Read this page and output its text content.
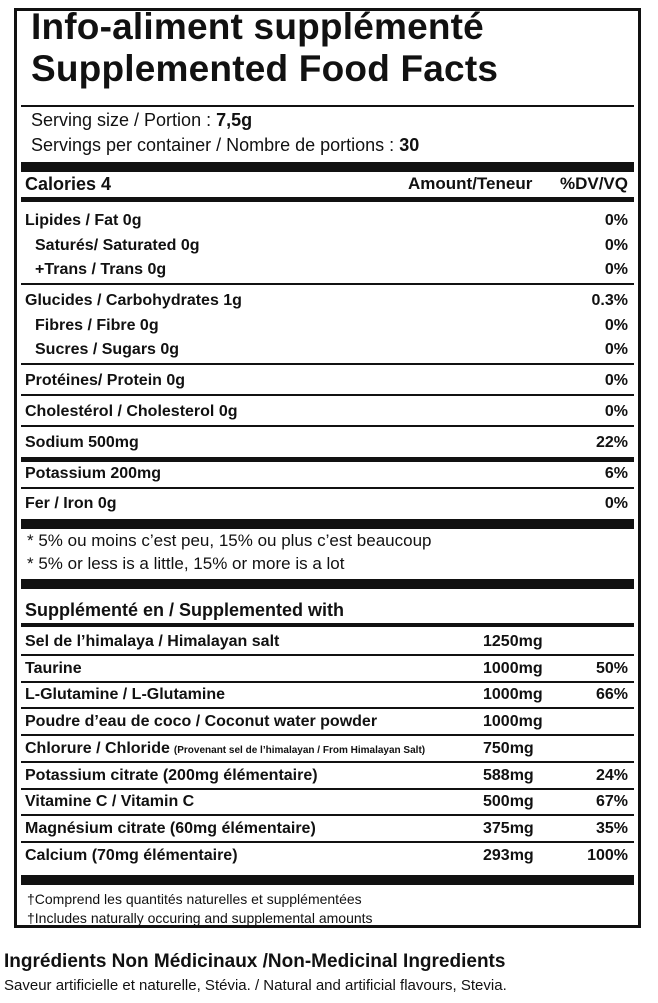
Info-aliment supplémenté
Supplemented Food Facts
Serving size / Portion : 7,5g
Servings per container / Nombre de portions : 30
Calories 4	Amount/Teneur %DV/VQ
Lipides / Fat 0g	0%
Saturés/ Saturated 0g	0%
+Trans / Trans 0g	0%
Glucides / Carbohydrates 1g	0.3%
Fibres / Fibre 0g	0%
Sucres / Sugars 0g	0%
Protéines/ Protein 0g	0%
Cholestérol / Cholesterol 0g	0%
Sodium 500mg	22%
Potassium 200mg	6%
Fer / Iron 0g	0%
* 5% ou moins c’est peu, 15% ou plus c’est beaucoup
* 5% or less is a little, 15% or more is a lot
Supplémenté en / Supplemented with
Sel de l’himalaya / Himalayan salt	1250mg
Taurine	1000mg	50%
L-Glutamine / L-Glutamine	1000mg	66%
Poudre d’eau de coco / Coconut water powder	1000mg
Chlorure / Chloride (Provenant sel de l’himalayan / From Himalayan Salt)	750mg
Potassium citrate (200mg élémentaire)	588mg	24%
Vitamine C / Vitamin C	500mg	67%
Magnésium citrate (60mg élémentaire)	375mg	35%
Calcium (70mg élémentaire)	293mg	100%
†Comprend les quantités naturelles et supplémentées
†Includes naturally occuring and supplemental amounts
Ingrédients Non Médicinaux /Non-Medicinal Ingredients
Saveur artificielle et naturelle, Stévia. / Natural and artificial flavours, Stevia.
